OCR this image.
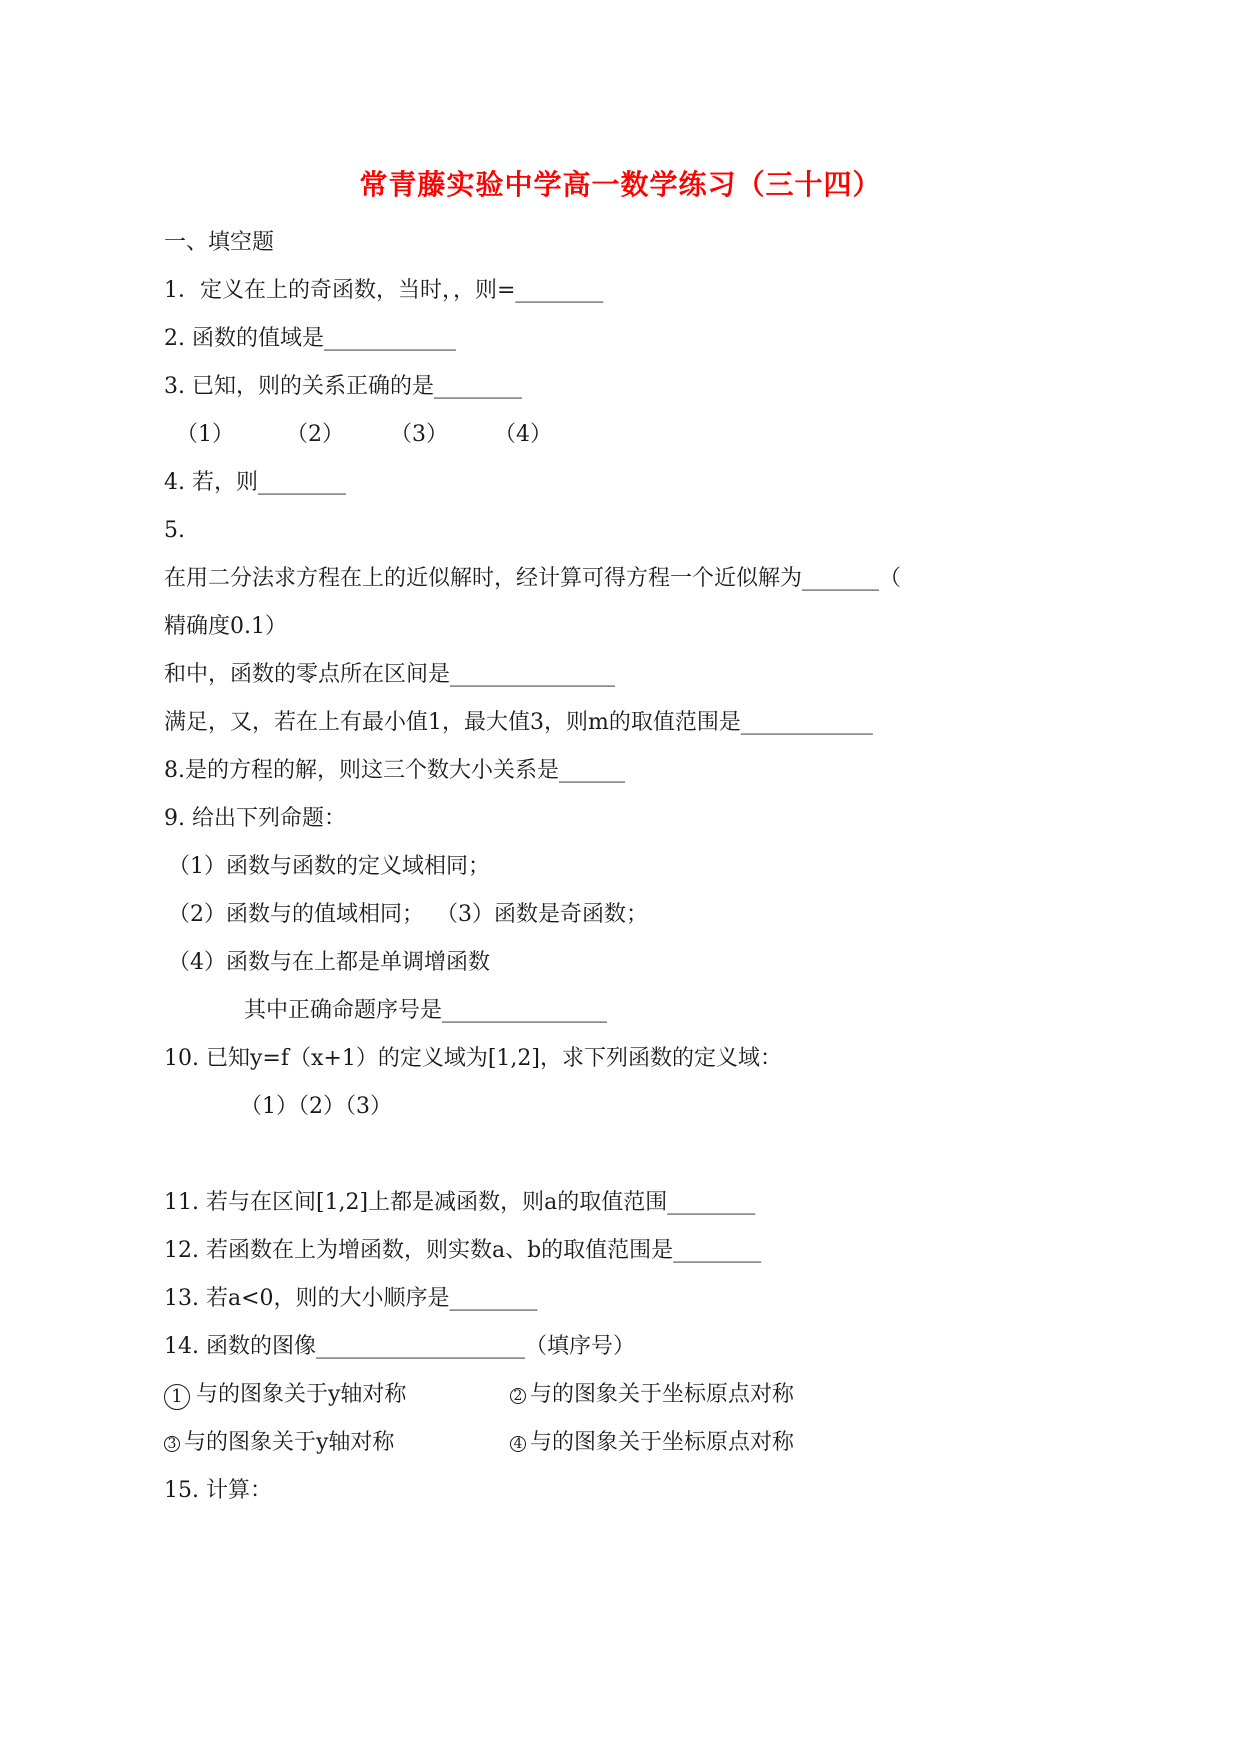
常青藤实验中学高一数学练习（三十四）
一、填空题
1．定义在上的奇函数，当时，，则=________
2. 函数的值域是____________
3. 已知，则的关系正确的是________
（1）	（2）	（3）	（4）
4. 若，则________
5.
在用二分法求方程在上的近似解时，经计算可得方程一个近似解为_______（
精确度0.1）
和中，函数的零点所在区间是_______________
满足，又，若在上有最小值1，最大值3，则m的取值范围是____________
8.是的方程的解，则这三个数大小关系是______
9. 给出下列命题：
（1）函数与函数的定义域相同；
（2）函数与的值域相同； （3）函数是奇函数；
（4）函数与在上都是单调增函数
其中正确命题序号是_______________
10. 已知y=f（x+1）的定义域为[1,2]，求下列函数的定义域：
（1）（2）（3）
11. 若与在区间[1,2]上都是减函数，则a的取值范围________
12. 若函数在上为增函数，则实数a、b的取值范围是________
13. 若a<0，则的大小顺序是________
14. 函数的图像___________________（填序号）
1 与的图象关于y轴对称	2 与的图象关于坐标原点对称
3 与的图象关于y轴对称	4 与的图象关于坐标原点对称
15. 计算：
